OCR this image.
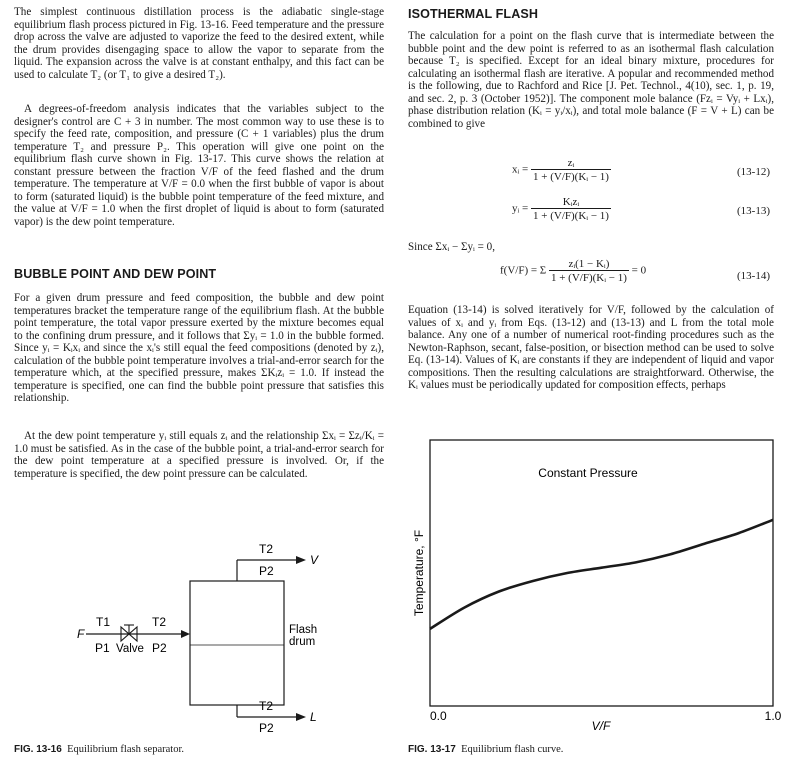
The simplest continuous distillation process is the adiabatic single-stage equilibrium flash process pictured in Fig. 13-16. Feed temperature and the pressure drop across the valve are adjusted to vaporize the feed to the desired extent, while the drum provides disengaging space to allow the vapor to separate from the liquid. The expansion across the valve is at constant enthalpy, and this fact can be used to calculate T₂ (or T₁ to give a desired T₂).

A degrees-of-freedom analysis indicates that the variables subject to the designer's control are C + 3 in number. The most common way to use these is to specify the feed rate, composition, and pressure (C + 1 variables) plus the drum temperature T₂ and pressure P₂. This operation will give one point on the equilibrium flash curve shown in Fig. 13-17. This curve shows the relation at constant pressure between the fraction V/F of the feed flashed and the drum temperature. The temperature at V/F = 0.0 when the first bubble of vapor is about to form (saturated liquid) is the bubble point temperature of the feed mixture, and the value at V/F = 1.0 when the first droplet of liquid is about to form (saturated vapor) is the dew point temperature.

BUBBLE POINT AND DEW POINT

For a given drum pressure and feed composition, the bubble and dew point temperatures bracket the temperature range of the equilibrium flash. At the bubble point temperature, the total vapor pressure exerted by the mixture becomes equal to the confining drum pressure, and it follows that Σyᵢ = 1.0 in the bubble formed. Since yᵢ = Kᵢxᵢ and since the xᵢ's still equal the feed compositions (denoted by zᵢ), calculation of the bubble point temperature involves a trial-and-error search for the temperature which, at the specified pressure, makes ΣKᵢzᵢ = 1.0. If instead the temperature is specified, one can find the bubble point pressure that satisfies this relationship.

At the dew point temperature yᵢ still equals zᵢ and the relationship Σxᵢ = Σzᵢ/Kᵢ = 1.0 must be satisfied. As in the case of the bubble point, a trial-and-error search for the dew point temperature at a specified pressure is involved. Or, if the temperature is specified, the dew point pressure can be calculated.

V
T2
P2
L
T2
P2
F
T1
P1 Valve
T2
P2
Flash
drum
FIG. 13-16 Equilibrium flash separator.
ISOTHERMAL FLASH

The calculation for a point on the flash curve that is intermediate between the bubble point and the dew point is referred to as an isothermal flash calculation because T₂ is specified. Except for an ideal binary mixture, procedures for calculating an isothermal flash are iterative. A popular and recommended method is the following, due to Rachford and Rice [J. Pet. Technol., 4(10), sec. 1, p. 19, and sec. 2, p. 3 (October 1952)]. The component mole balance (Fzᵢ = Vyᵢ + Lxᵢ), phase distribution relation (Kᵢ = yᵢ/xᵢ), and total mole balance (F = V + L) can be combined to give

xᵢ = $\frac{\text{zᵢ}}{\text{1 + (V/F)(Kᵢ − 1)}}$	(13-12)
yᵢ = $\frac{\text{Kᵢzᵢ}}{\text{1 + (V/F)(Kᵢ − 1)}}$	(13-13)

Since Σxᵢ − Σyᵢ = 0,

f(V/F) = Σ $\frac{\text{zᵢ(1 − Kᵢ)}}{\text{1 + (V/F)(Kᵢ − 1)}} = 0$	(13-14)

Equation (13-14) is solved iteratively for V/F, followed by the calculation of values of xᵢ and yᵢ from Eqs. (13-12) and (13-13) and L from the total mole balance. Any one of a number of numerical root-finding procedures such as the Newton-Raphson, secant, false-position, or bisection method can be used to solve Eq. (13-14). Values of Kᵢ are constants if they are independent of liquid and vapor compositions. Then the resulting calculations are straightforward. Otherwise, the Kᵢ values must be periodically updated for composition effects, perhaps

Constant Pressure
Temperature, °F
V/F
0.0	1.0
FIG. 13-17 Equilibrium flash curve.
